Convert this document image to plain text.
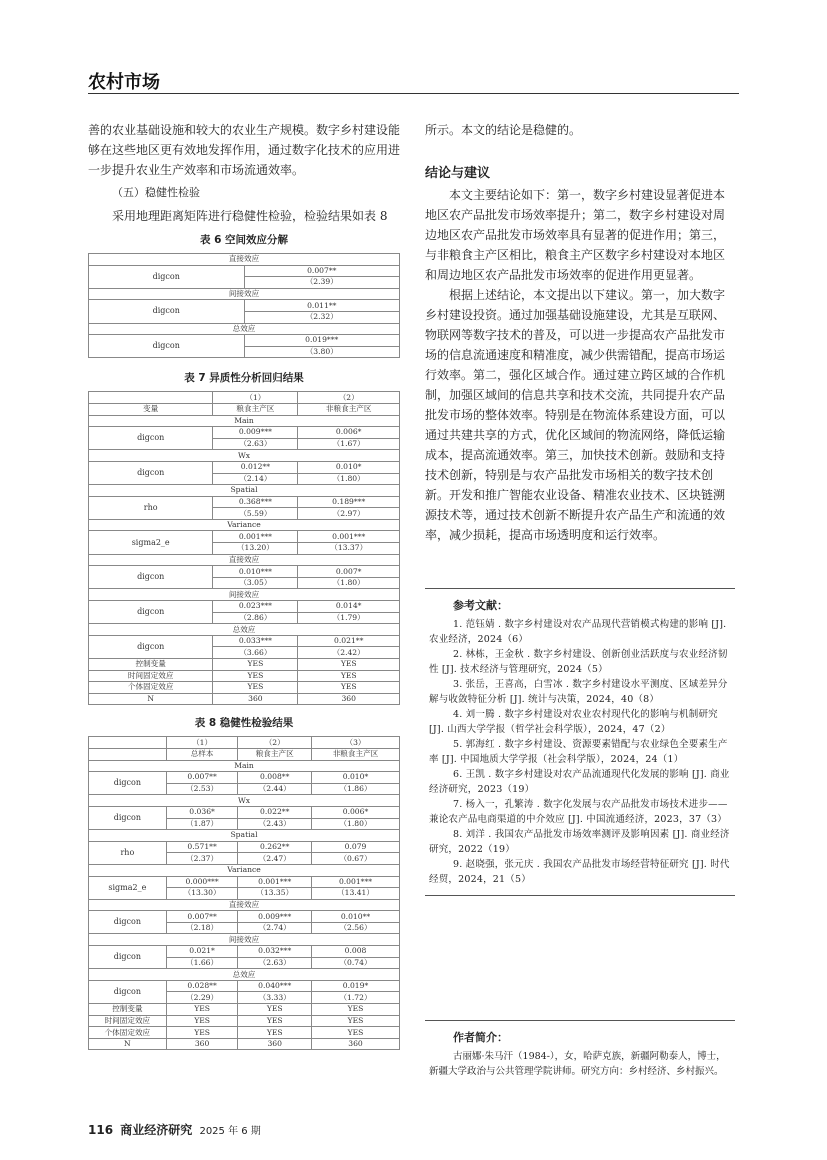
农村市场

善的农业基础设施和较大的农业生产规模。数字乡村建设能够在这些地区更有效地发挥作用，通过数字化技术的应用进一步提升农业生产效率和市场流通效率。

（五）稳健性检验

采用地理距离矩阵进行稳健性检验，检验结果如表 8

表 6 空间效应分解
直接效应	
digcon	0.007**
	（2.39）
间接效应	
digcon	0.011**
	（2.32）
总效应	
digcon	0.019***
	（3.80）
表 7 异质性分析回归结果
	（1）	（2）
变量	粮食主产区	非粮食主产区
Main		
digcon	0.009***	0.006*
	（2.63）	（1.67）
Wx		
digcon	0.012**	0.010*
	（2.14）	（1.80）
Spatial		
rho	0.368***	0.189***
	（5.59）	（2.97）
Variance		
sigma2_e	0.001***	0.001***
	（13.20）	（13.37）
直接效应		
digcon	0.010***	0.007*
	（3.05）	（1.80）
间接效应		
digcon	0.023***	0.014*
	（2.86）	（1.79）
总效应		
digcon	0.033***	0.021**
	（3.66）	（2.42）
控制变量	YES	YES
时间固定效应	YES	YES
个体固定效应	YES	YES
N	360	360
表 8 稳健性检验结果
	（1）	（2）	（3）
	总样本	粮食主产区	非粮食主产区
Main			
digcon	0.007**	0.008**	0.010*
	（2.53）	（2.44）	（1.86）
Wx			
digcon	0.036*	0.022**	0.006*
	（1.87）	（2.43）	（1.80）
Spatial			
rho	0.571**	0.262**	0.079
	（2.37）	（2.47）	（0.67）
Variance			
sigma2_e	0.000***	0.001***	0.001***
	（13.30）	（13.35）	（13.41）
直接效应			
digcon	0.007**	0.009***	0.010**
	（2.18）	（2.74）	（2.56）
间接效应			
digcon	0.021*	0.032***	0.008
	（1.66）	（2.63）	（0.74）
总效应			
digcon	0.028**	0.040***	0.019*
	（2.29）	（3.33）	（1.72）
控制变量	YES	YES	YES
时间固定效应	YES	YES	YES
个体固定效应	YES	YES	YES
N	360	360	360

所示。本文的结论是稳健的。

结论与建议

本文主要结论如下：第一，数字乡村建设显著促进本地区农产品批发市场效率提升；第二，数字乡村建设对周边地区农产品批发市场效率具有显著的促进作用；第三，与非粮食主产区相比，粮食主产区数字乡村建设对本地区和周边地区农产品批发市场效率的促进作用更显著。

根据上述结论，本文提出以下建议。第一，加大数字乡村建设投资。通过加强基础设施建设，尤其是互联网、物联网等数字技术的普及，可以进一步提高农产品批发市场的信息流通速度和精准度，减少供需错配，提高市场运行效率。第二，强化区域合作。通过建立跨区域的合作机制，加强区域间的信息共享和技术交流，共同提升农产品批发市场的整体效率。特别是在物流体系建设方面，可以通过共建共享的方式，优化区域间的物流网络，降低运输成本，提高流通效率。第三，加快技术创新。鼓励和支持技术创新，特别是与农产品批发市场相关的数字技术创新。开发和推广智能农业设备、精准农业技术、区块链溯源技术等，通过技术创新不断提升农产品生产和流通的效率，减少损耗，提高市场透明度和运行效率。

参考文献：

1. 范钰婧 . 数字乡村建设对农产品现代营销模式构建的影响 [J]. 农业经济，2024（6）

2. 林栋，王金秋 . 数字乡村建设、创新创业活跃度与农业经济韧性 [J]. 技术经济与管理研究，2024（5）

3. 张岳，王喜高，白雪冰 . 数字乡村建设水平测度、区域差异分解与收敛特征分析 [J]. 统计与决策，2024，40（8）

4. 刘一腾 . 数字乡村建设对农业农村现代化的影响与机制研究 [J]. 山西大学学报（哲学社会科学版），2024，47（2）

5. 郭海红 . 数字乡村建设、资源要素错配与农业绿色全要素生产率 [J]. 中国地质大学学报（社会科学版），2024，24（1）

6. 王凯 . 数字乡村建设对农产品流通现代化发展的影响 [J]. 商业经济研究，2023（19）

7. 杨入一，孔繁涛 . 数字化发展与农产品批发市场技术进步——兼论农产品电商渠道的中介效应 [J]. 中国流通经济，2023，37（3）

8. 刘洋 . 我国农产品批发市场效率测评及影响因素 [J]. 商业经济研究，2022（19）

9. 赵晓强，张元庆 . 我国农产品批发市场经营特征研究 [J]. 时代经贸，2024，21（5）

作者简介：

古丽娜·朱马汗（1984-），女，哈萨克族，新疆阿勒泰人，博士，新疆大学政治与公共管理学院讲师。研究方向：乡村经济、乡村振兴。

116 商业经济研究 2025 年 6 期
